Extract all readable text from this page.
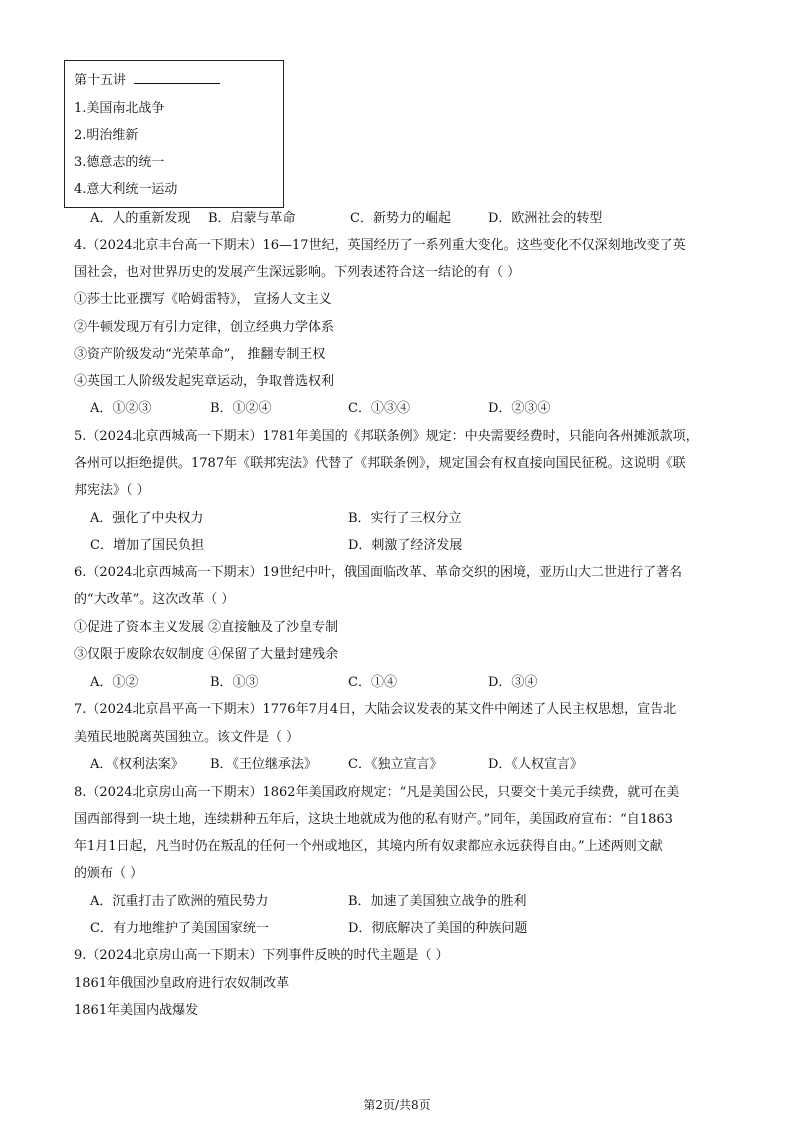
第十五讲
1.美国南北战争
2.明治维新
3.德意志的统一
4.意大利统一运动
A．人的重新发现 B．启蒙与革命	C．新势力的崛起	D．欧洲社会的转型
4.（2024北京丰台高一下期末）16—17世纪，英国经历了一系列重大变化。这些变化不仅深刻地改变了英
国社会，也对世界历史的发展产生深远影响。下列表述符合这一结论的有（ ）
①莎士比亚撰写《哈姆雷特》， 宣扬人文主义
②牛顿发现万有引力定律，创立经典力学体系
③资产阶级发动“光荣革命”， 推翻专制王权
④英国工人阶级发起宪章运动，争取普选权利
A．①②③	B．①②④	C．①③④	D．②③④
5.（2024北京西城高一下期末）1781年美国的《邦联条例》规定：中央需要经费时，只能向各州摊派款项，
各州可以拒绝提供。1787年《联邦宪法》代替了《邦联条例》，规定国会有权直接向国民征税。这说明《联
邦宪法》（ ）
A．强化了中央权力	B．实行了三权分立
C．增加了国民负担	D．刺激了经济发展
6.（2024北京西城高一下期末）19世纪中叶，俄国面临改革、革命交织的困境，亚历山大二世进行了著名
的“大改革”。这次改革（ ）
①促进了资本主义发展 ②直接触及了沙皇专制
③仅限于废除农奴制度 ④保留了大量封建残余
A．①②	B．①③	C．①④	D．③④
7.（2024北京昌平高一下期末）1776年7月4日，大陆会议发表的某文件中阐述了人民主权思想，宣告北
美殖民地脱离英国独立。该文件是（ ）
A．《权利法案》 B．《王位继承法》 C．《独立宣言》	D．《人权宣言》
8.（2024北京房山高一下期末）1862年美国政府规定：“凡是美国公民，只要交十美元手续费，就可在美
国西部得到一块土地，连续耕种五年后，这块土地就成为他的私有财产。”同年，美国政府宣布：“自1863
年1月1日起，凡当时仍在叛乱的任何一个州或地区，其境内所有奴隶都应永远获得自由。”上述两则文献
的颁布（ ）
A．沉重打击了欧洲的殖民势力	B．加速了美国独立战争的胜利
C．有力地维护了美国国家统一	D．彻底解决了美国的种族问题
9.（2024北京房山高一下期末）下列事件反映的时代主题是（ ）
1861年俄国沙皇政府进行农奴制改革
1861年美国内战爆发
第2页/共8页
